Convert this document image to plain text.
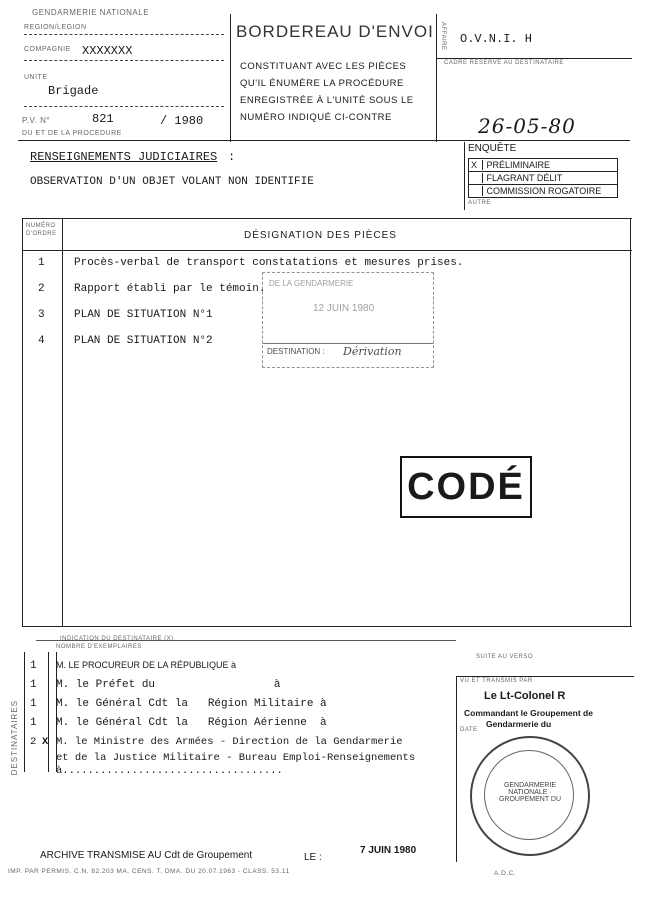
GENDARMERIE NATIONALE
REGION/LEGION
COMPAGNIE XXXXXXX
UNITE
Brigade
P.V. N°	821	/ 1980
DU ET DE LA PROCEDURE
BORDEREAU D'ENVOI
CONSTITUANT AVEC LES PIÈCES
QU'IL ÉNUMÈRE LA PROCÉDURE
ENREGISTRÉE À L'UNITÉ SOUS LE
NUMÉRO INDIQUÉ CI-CONTRE
AFFAIRE O.V.N.I. H
CADRE RÉSERVÉ AU DESTINATAIRE
26-05-80
RENSEIGNEMENTS JUDICIAIRES :
OBSERVATION D'UN OBJET VOLANT NON IDENTIFIE
ENQUÊTE
X PRÉLIMINAIRE
FLAGRANT DÉLIT
COMMISSION ROGATOIRE
AUTRE
NUMÉRO D'ORDRE	DÉSIGNATION DES PIÈCES
1	Procès-verbal de transport constatations et mesures prises.
2	Rapport établi par le témoin.
3	PLAN DE SITUATION N°1
4	PLAN DE SITUATION N°2
DE LA GENDARMERIE
12 JUIN 1980
DESTINATION : Dérivation
CODÉ
INDICATION DU DESTINATAIRE (X)
NOMBRE D'EXEMPLAIRES
DESTINATAIRES
1 M. LE PROCUREUR DE LA RÉPUBLIQUE à
1 M. le Préfet du                  à
1 M. le Général Cdt la   Région Militaire à
1 M. le Général Cdt la   Région Aérienne  à
2 X M. le Ministre des Armées - Direction de la Gendarmerie
et de la Justice Militaire - Bureau Emploi-Renseignements
à...................................
SUITE AU VERSO
VU ET TRANSMIS PAR
Le Lt-Colonel R
Commandant le Groupement de
Gendarmerie du
DATE
GENDARMERIE NATIONALE · GROUPEMENT DU
ARCHIVE TRANSMISE AU Cdt de Groupement	LE :
7 JUIN 1980
IMP. PAR PERMIS. C.N. 82.203 MA. CENS. T. DMA. DU 20.07.1963 - CLASS. 53.11	A.D.C.
